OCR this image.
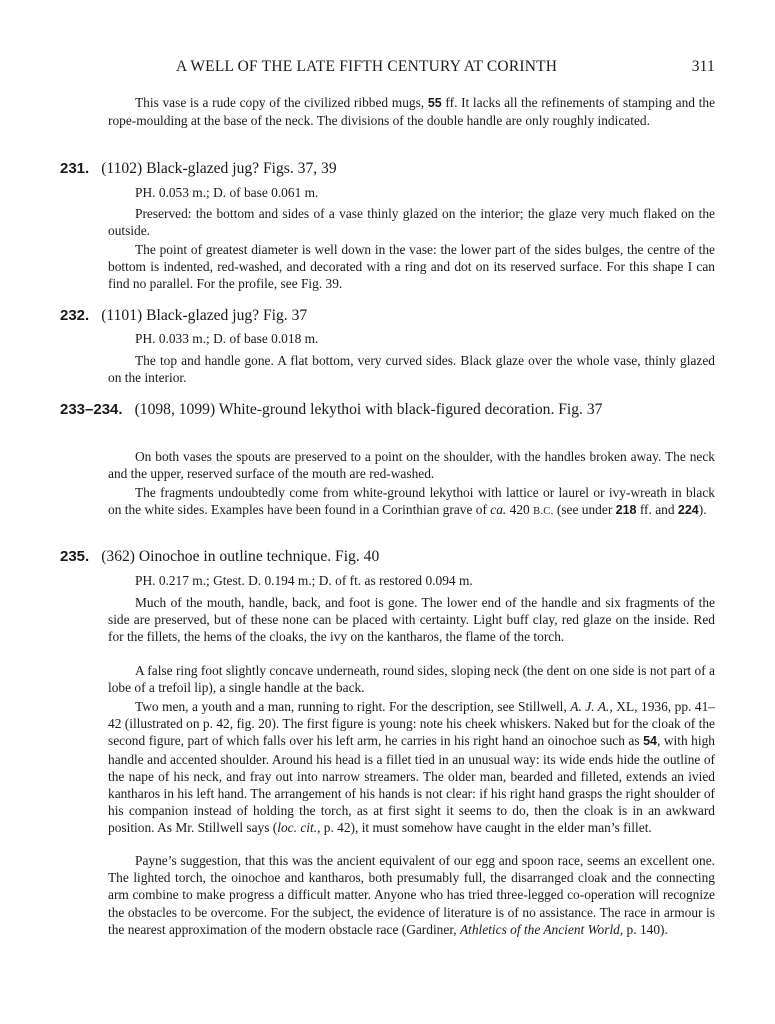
A WELL OF THE LATE FIFTH CENTURY AT CORINTH	311

This vase is a rude copy of the civilized ribbed mugs, 55 ff. It lacks all the refinements of stamping and the rope-moulding at the base of the neck. The divisions of the double handle are only roughly indicated.

231. (1102) Black-glazed jug? Figs. 37, 39

PH. 0.053 m.; D. of base 0.061 m.

Preserved: the bottom and sides of a vase thinly glazed on the interior; the glaze very much flaked on the outside.

The point of greatest diameter is well down in the vase: the lower part of the sides bulges, the centre of the bottom is indented, red-washed, and decorated with a ring and dot on its reserved surface. For this shape I can find no parallel. For the profile, see Fig. 39.

232. (1101) Black-glazed jug? Fig. 37

PH. 0.033 m.; D. of base 0.018 m.

The top and handle gone. A flat bottom, very curved sides. Black glaze over the whole vase, thinly glazed on the interior.

233–234. (1098, 1099) White-ground lekythoi with black-figured decoration. Fig. 37

On both vases the spouts are preserved to a point on the shoulder, with the handles broken away. The neck and the upper, reserved surface of the mouth are red-washed.

The fragments undoubtedly come from white-ground lekythoi with lattice or laurel or ivy-wreath in black on the white sides. Examples have been found in a Corinthian grave of ca. 420 B.C. (see under 218 ff. and 224).

235. (362) Oinochoe in outline technique. Fig. 40

PH. 0.217 m.; Gtest. D. 0.194 m.; D. of ft. as restored 0.094 m.

Much of the mouth, handle, back, and foot is gone. The lower end of the handle and six fragments of the side are preserved, but of these none can be placed with certainty. Light buff clay, red glaze on the inside. Red for the fillets, the hems of the cloaks, the ivy on the kantharos, the flame of the torch.

A false ring foot slightly concave underneath, round sides, sloping neck (the dent on one side is not part of a lobe of a trefoil lip), a single handle at the back.

Two men, a youth and a man, running to right. For the description, see Stillwell, A. J. A., XL, 1936, pp. 41–42 (illustrated on p. 42, fig. 20). The first figure is young: note his cheek whiskers. Naked but for the cloak of the second figure, part of which falls over his left arm, he carries in his right hand an oinochoe such as 54, with high handle and accented shoulder. Around his head is a fillet tied in an unusual way: its wide ends hide the outline of the nape of his neck, and fray out into narrow streamers. The older man, bearded and filleted, extends an ivied kantharos in his left hand. The arrangement of his hands is not clear: if his right hand grasps the right shoulder of his companion instead of holding the torch, as at first sight it seems to do, then the cloak is in an awkward position. As Mr. Stillwell says (loc. cit., p. 42), it must somehow have caught in the elder man’s fillet.

Payne’s suggestion, that this was the ancient equivalent of our egg and spoon race, seems an excellent one. The lighted torch, the oinochoe and kantharos, both presumably full, the disarranged cloak and the connecting arm combine to make progress a difficult matter. Anyone who has tried three-legged co-operation will recognize the obstacles to be overcome. For the subject, the evidence of literature is of no assistance. The race in armour is the nearest approximation of the modern obstacle race (Gardiner, Athletics of the Ancient World, p. 140).
